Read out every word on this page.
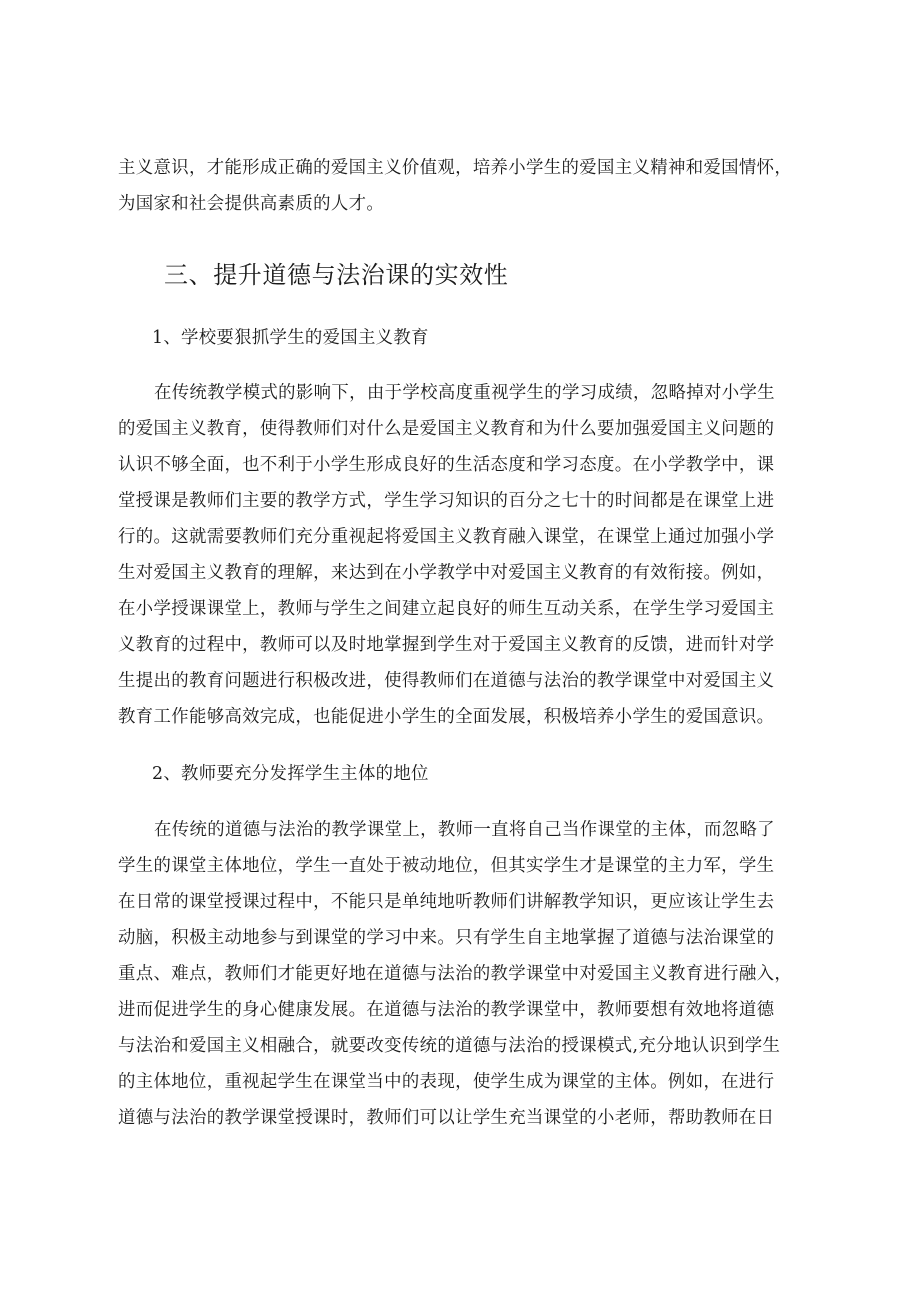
主义意识，才能形成正确的爱国主义价值观，培养小学生的爱国主义精神和爱国情怀，
为国家和社会提供高素质的人才。
三、提升道德与法治课的实效性
1、学校要狠抓学生的爱国主义教育
在传统教学模式的影响下，由于学校高度重视学生的学习成绩，忽略掉对小学生
的爱国主义教育，使得教师们对什么是爱国主义教育和为什么要加强爱国主义问题的
认识不够全面，也不利于小学生形成良好的生活态度和学习态度。在小学教学中，课
堂授课是教师们主要的教学方式，学生学习知识的百分之七十的时间都是在课堂上进
行的。这就需要教师们充分重视起将爱国主义教育融入课堂，在课堂上通过加强小学
生对爱国主义教育的理解，来达到在小学教学中对爱国主义教育的有效衔接。例如，
在小学授课课堂上，教师与学生之间建立起良好的师生互动关系，在学生学习爱国主
义教育的过程中，教师可以及时地掌握到学生对于爱国主义教育的反馈，进而针对学
生提出的教育问题进行积极改进，使得教师们在道德与法治的教学课堂中对爱国主义
教育工作能够高效完成，也能促进小学生的全面发展，积极培养小学生的爱国意识。
2、教师要充分发挥学生主体的地位
在传统的道德与法治的教学课堂上，教师一直将自己当作课堂的主体，而忽略了
学生的课堂主体地位，学生一直处于被动地位，但其实学生才是课堂的主力军，学生
在日常的课堂授课过程中，不能只是单纯地听教师们讲解教学知识，更应该让学生去
动脑，积极主动地参与到课堂的学习中来。只有学生自主地掌握了道德与法治课堂的
重点、难点，教师们才能更好地在道德与法治的教学课堂中对爱国主义教育进行融入，
进而促进学生的身心健康发展。在道德与法治的教学课堂中，教师要想有效地将道德
与法治和爱国主义相融合，就要改变传统的道德与法治的授课模式,充分地认识到学生
的主体地位，重视起学生在课堂当中的表现，使学生成为课堂的主体。例如，在进行
道德与法治的教学课堂授课时，教师们可以让学生充当课堂的小老师，帮助教师在日
